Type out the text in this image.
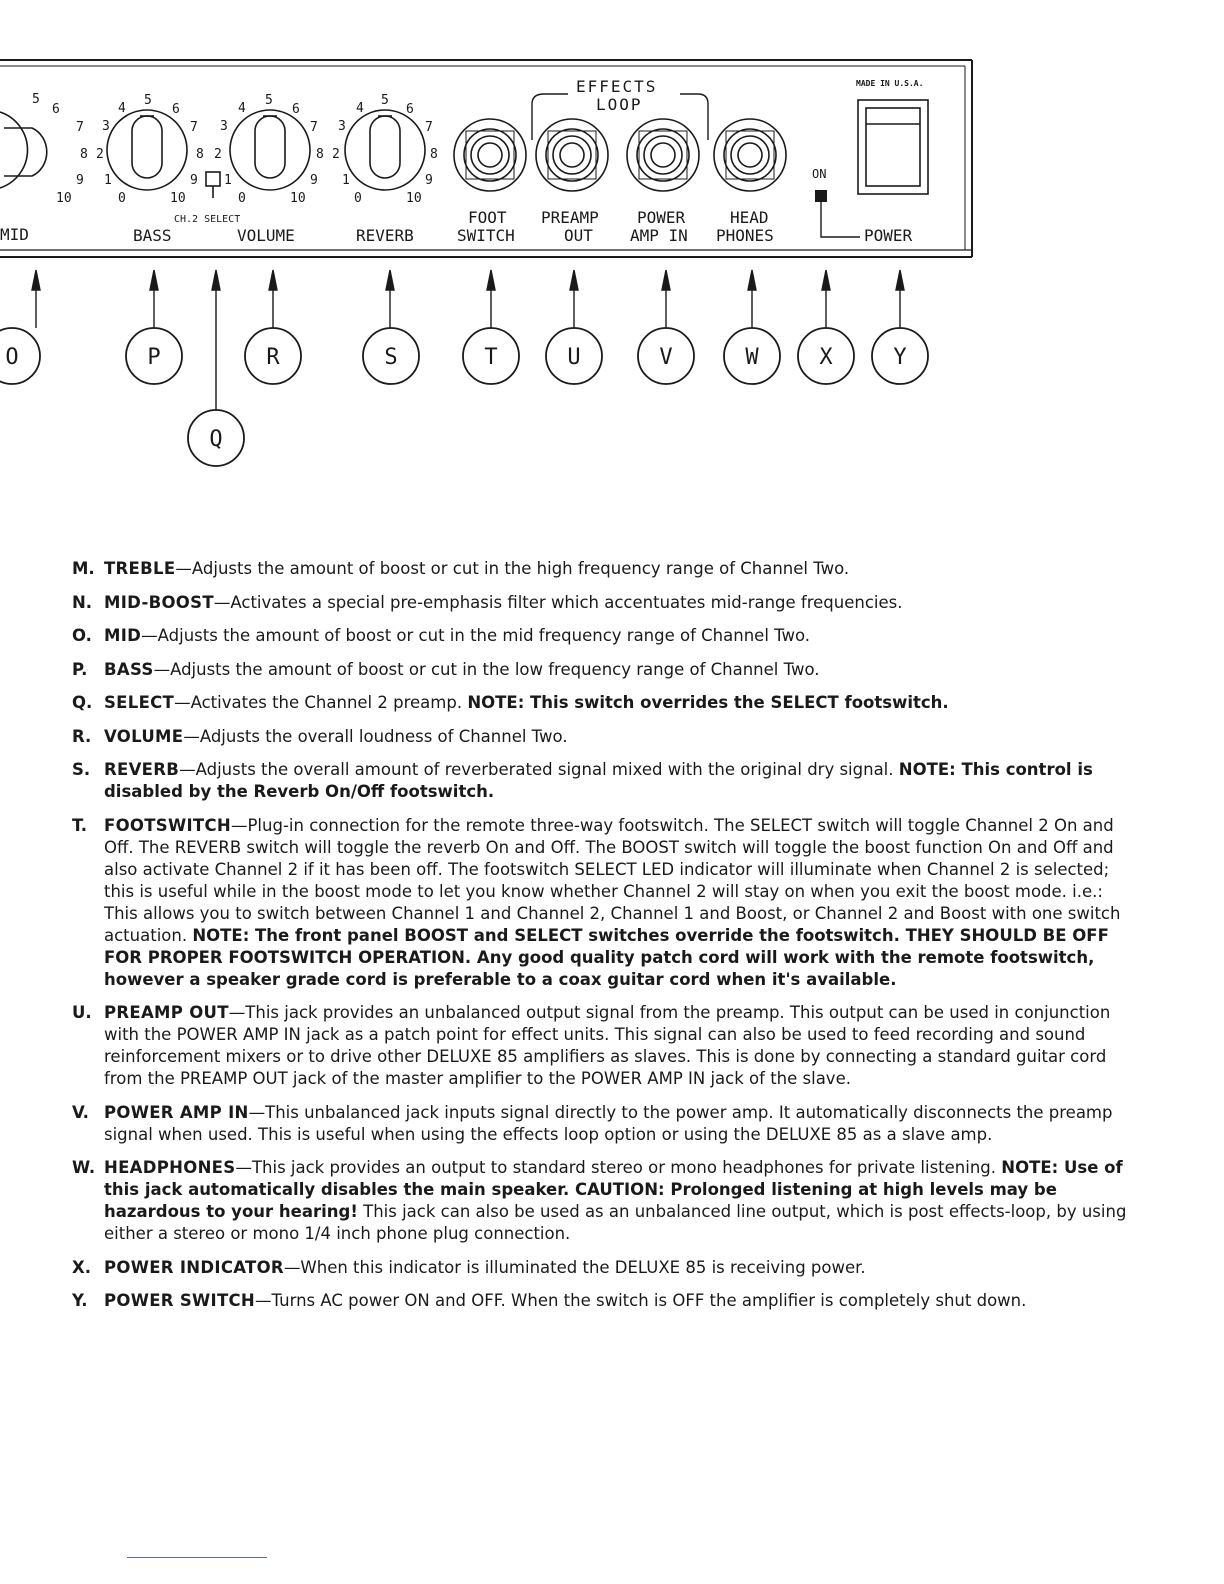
6
5
7
8
9
10
MID
4
5
6
3
2
1
0	10
7
8
9
BASS
CH.2 SELECT
4
5
6
3
2
1
0	10
7
8
9
VOLUME
4
5
6
3
2
1
0	10
7
8
9
REVERB
EFFECTS
LOOP
FOOT
SWITCH
PREAMP
OUT
POWER
AMP IN
HEAD
PHONES
ON
POWER
MADE IN U.S.A.
O	P
Q
R	S	T	U	V	W	X	Y
M. TREBLE—Adjusts the amount of boost or cut in the high frequency range of Channel Two.
N. MID-BOOST—Activates a special pre-emphasis filter which accentuates mid-range frequencies.
O. MID—Adjusts the amount of boost or cut in the mid frequency range of Channel Two.
P.	BASS—Adjusts the amount of boost or cut in the low frequency range of Channel Two.
Q. SELECT—Activates the Channel 2 preamp. NOTE: This switch overrides the SELECT footswitch.
R. VOLUME—Adjusts the overall loudness of Channel Two.
S. REVERB—Adjusts the overall amount of reverberated signal mixed with the original dry signal. NOTE: This control is disabled by the Reverb On/Off footswitch.
T.	FOOTSWITCH—Plug-in connection for the remote three-way footswitch. The SELECT switch will toggle Channel 2 On and Off. The REVERB switch will toggle the reverb On and Off. The BOOST switch will toggle the boost function On and Off and also activate Channel 2 if it has been off. The footswitch SELECT LED indicator will illuminate when Channel 2 is selected; this is useful while in the boost mode to let you know whether Channel 2 will stay on when you exit the boost mode. i.e.: This allows you to switch between Channel 1 and Channel 2, Channel 1 and Boost, or Channel 2 and Boost with one switch actuation. NOTE: The front panel BOOST and SELECT switches override the footswitch. THEY SHOULD BE OFF FOR PROPER FOOTSWITCH OPERATION. Any good quality patch cord will work with the remote footswitch, however a speaker grade cord is preferable to a coax guitar cord when it's available.
U. PREAMP OUT—This jack provides an unbalanced output signal from the preamp. This output can be used in conjunction with the POWER AMP IN jack as a patch point for effect units. This signal can also be used to feed recording and sound reinforcement mixers or to drive other DELUXE 85 amplifiers as slaves. This is done by connecting a standard guitar cord from the PREAMP OUT jack of the master amplifier to the POWER AMP IN jack of the slave.
V. POWER AMP IN—This unbalanced jack inputs signal directly to the power amp. It automatically disconnects the preamp signal when used. This is useful when using the effects loop option or using the DELUXE 85 as a slave amp.
W. HEADPHONES—This jack provides an output to standard stereo or mono headphones for private listening. NOTE: Use of this jack automatically disables the main speaker. CAUTION: Prolonged listening at high levels may be hazardous to your hearing! This jack can also be used as an unbalanced line output, which is post effects-loop, by using either a stereo or mono 1/4 inch phone plug connection.
X. POWER INDICATOR—When this indicator is illuminated the DELUXE 85 is receiving power.
Y.	POWER SWITCH—Turns AC power ON and OFF. When the switch is OFF the amplifier is completely shut down.
